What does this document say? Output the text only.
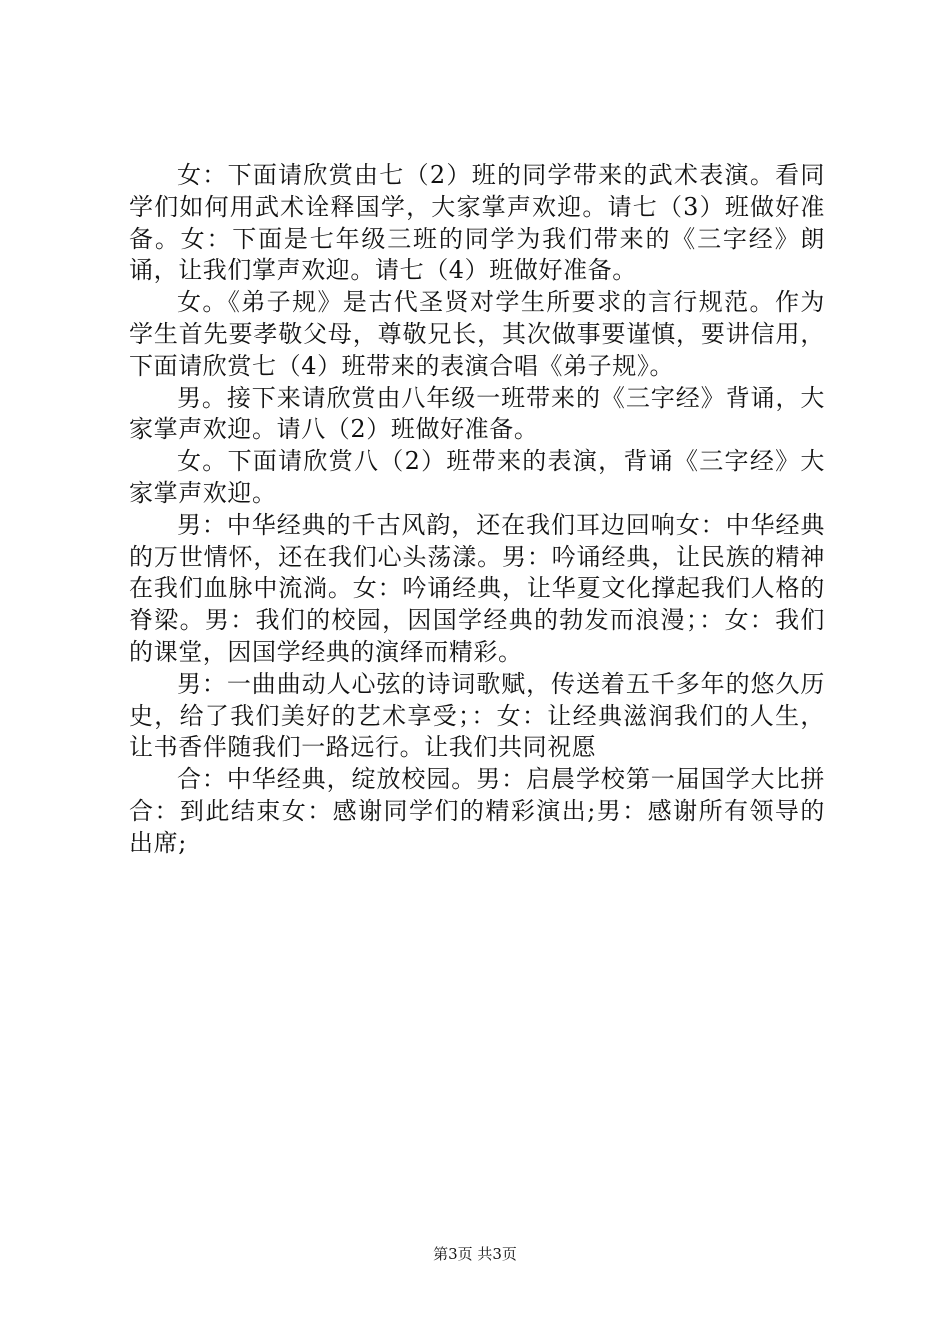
女：下面请欣赏由七（2）班的同学带来的武术表演。看同学们如何用武术诠释国学，大家掌声欢迎。请七（3）班做好准备。女：下面是七年级三班的同学为我们带来的《三字经》朗诵，让我们掌声欢迎。请七（4）班做好准备。

女。《弟子规》是古代圣贤对学生所要求的言行规范。作为学生首先要孝敬父母，尊敬兄长，其次做事要谨慎，要讲信用，下面请欣赏七（4）班带来的表演合唱《弟子规》。

男。接下来请欣赏由八年级一班带来的《三字经》背诵，大家掌声欢迎。请八（2）班做好准备。

女。下面请欣赏八（2）班带来的表演，背诵《三字经》大家掌声欢迎。

男：中华经典的千古风韵，还在我们耳边回响女：中华经典的万世情怀，还在我们心头荡漾。男：吟诵经典，让民族的精神在我们血脉中流淌。女：吟诵经典，让华夏文化撑起我们人格的脊梁。男：我们的校园，因国学经典的勃发而浪漫；：女：我们的课堂，因国学经典的演绎而精彩。

男：一曲曲动人心弦的诗词歌赋，传送着五千多年的悠久历史，给了我们美好的艺术享受；：女：让经典滋润我们的人生，让书香伴随我们一路远行。让我们共同祝愿

合：中华经典，绽放校园。男：启晨学校第一届国学大比拼合：到此结束女：感谢同学们的精彩演出;男：感谢所有领导的出席;

第3页 共3页
